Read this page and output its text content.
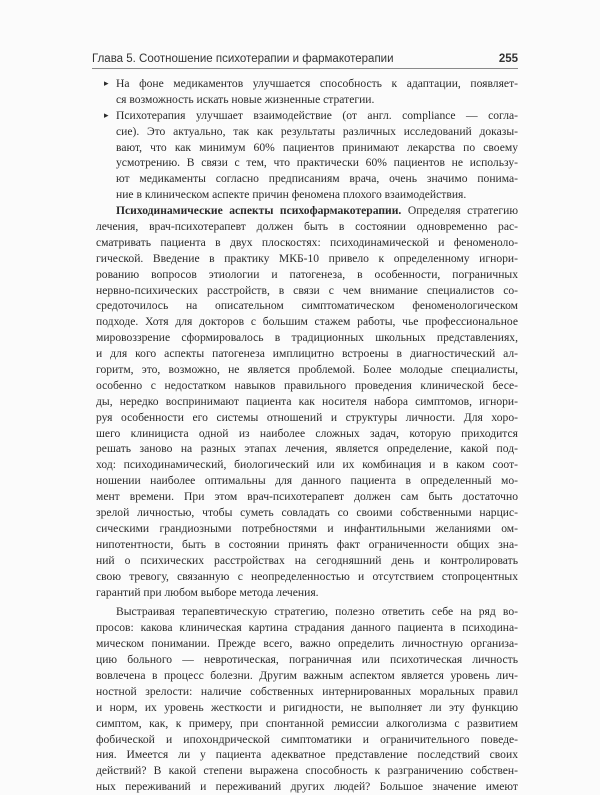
Глава 5. Соотношение психотерапии и фармакотерапии	255
▸ На фоне медикаментов улучшается способность к адаптации, появляет-
ся возможность искать новые жизненные стратегии.
▸ Психотерапия улучшает взаимодействие (от англ. compliance — согла-
сие). Это актуально, так как результаты различных исследований доказы-
вают, что как минимум 60% пациентов принимают лекарства по своему
усмотрению. В связи с тем, что практически 60% пациентов не использу-
ют медикаменты согласно предписаниям врача, очень значимо понима-
ние в клиническом аспекте причин феномена плохого взаимодействия.
Психодинамические аспекты психофармакотерапии. Определяя стратегию
лечения, врач-психотерапевт должен быть в состоянии одновременно рас-
сматривать пациента в двух плоскостях: психодинамической и феноменоло-
гической. Введение в практику МКБ-10 привело к определенному игнори-
рованию вопросов этиологии и патогенеза, в особенности, пограничных
нервно-психических расстройств, в связи с чем внимание специалистов со-
средоточилось на описательном симптоматическом феноменологическом
подходе. Хотя для докторов с большим стажем работы, чье профессиональное
мировоззрение сформировалось в традиционных школьных представлениях,
и для кого аспекты патогенеза имплицитно встроены в диагностический ал-
горитм, это, возможно, не является проблемой. Более молодые специалисты,
особенно с недостатком навыков правильного проведения клинической бесе-
ды, нередко воспринимают пациента как носителя набора симптомов, игнори-
руя особенности его системы отношений и структуры личности. Для хоро-
шего клинициста одной из наиболее сложных задач, которую приходится
решать заново на разных этапах лечения, является определение, какой под-
ход: психодинамический, биологический или их комбинация и в каком соот-
ношении наиболее оптимальны для данного пациента в определенный мо-
мент времени. При этом врач-психотерапевт должен сам быть достаточно
зрелой личностью, чтобы суметь совладать со своими собственными нарцис-
сическими грандиозными потребностями и инфантильными желаниями ом-
нипотентности, быть в состоянии принять факт ограниченности общих зна-
ний о психических расстройствах на сегодняшний день и контролировать
свою тревогу, связанную с неопределенностью и отсутствием стопроцентных
гарантий при любом выборе метода лечения.
Выстраивая терапевтическую стратегию, полезно ответить себе на ряд во-
просов: какова клиническая картина страдания данного пациента в психодина-
мическом понимании. Прежде всего, важно определить личностную организа-
цию больного — невротическая, пограничная или психотическая личность
вовлечена в процесс болезни. Другим важным аспектом является уровень лич-
ностной зрелости: наличие собственных интернированных моральных правил
и норм, их уровень жесткости и ригидности, не выполняет ли эту функцию
симптом, как, к примеру, при спонтанной ремиссии алкоголизма с развитием
фобической и ипохондрической симптоматики и ограничительного поведе-
ния. Имеется ли у пациента адекватное представление последствий своих
действий? В какой степени выражена способность к разграничению собствен-
ных переживаний и переживаний других людей? Большое значение имеют
